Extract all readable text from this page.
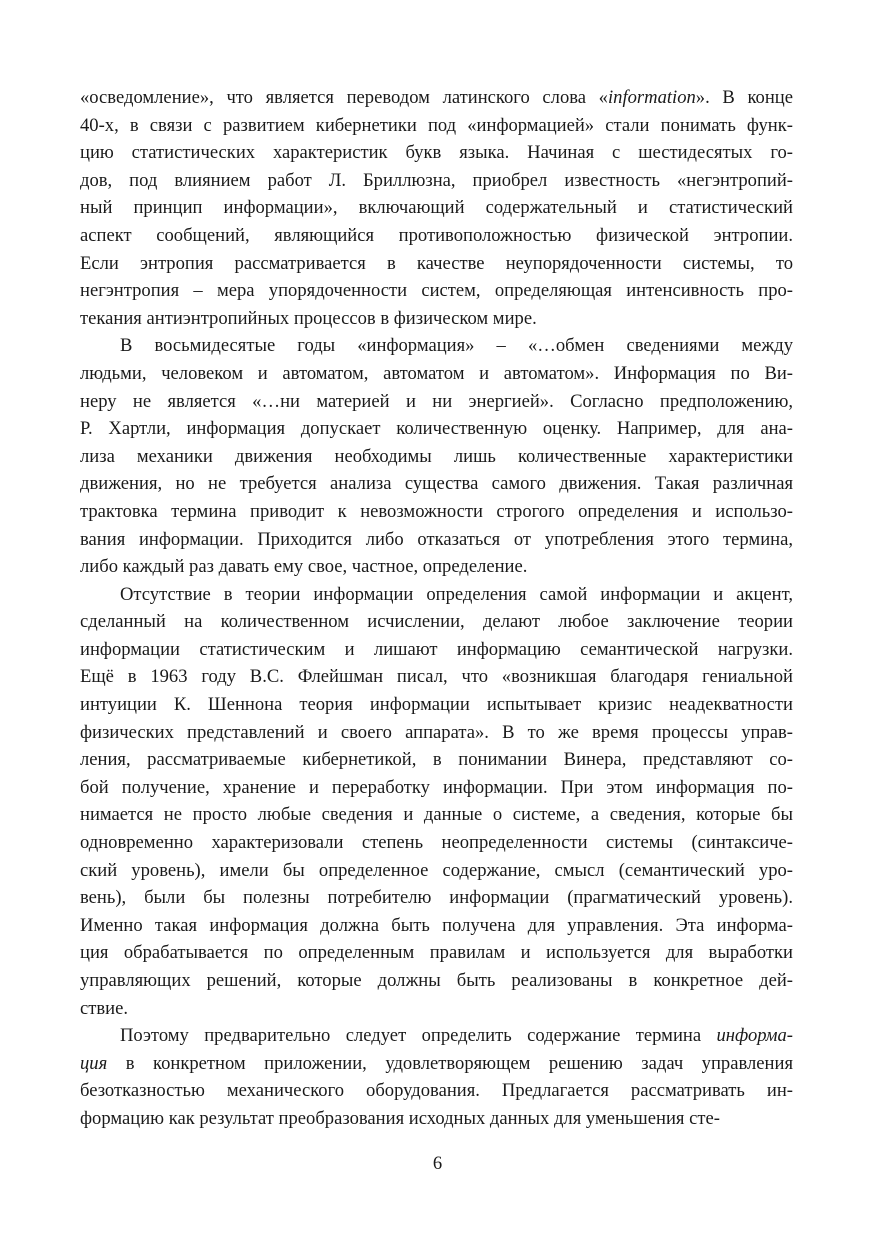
«осведомление», что является переводом латинского слова «information». В конце
40-х, в связи с развитием кибернетики под «информацией» стали понимать функ-
цию статистических характеристик букв языка. Начиная с шестидесятых го-
дов, под влиянием работ Л. Бриллюзна, приобрел известность «негэнтропий-
ный принцип информации», включающий содержательный и статистический
аспект сообщений, являющийся противоположностью физической энтропии.
Если энтропия рассматривается в качестве неупорядоченности системы, то
негэнтропия – мера упорядоченности систем, определяющая интенсивность про-
текания антиэнтропийных процессов в физическом мире.

В восьмидесятые годы «информация» – «…обмен сведениями между
людьми, человеком и автоматом, автоматом и автоматом». Информация по Ви-
неру не является «…ни материей и ни энергией». Согласно предположению,
Р. Хартли, информация допускает количественную оценку. Например, для ана-
лиза механики движения необходимы лишь количественные характеристики
движения, но не требуется анализа существа самого движения. Такая различная
трактовка термина приводит к невозможности строгого определения и использо-
вания информации. Приходится либо отказаться от употребления этого термина,
либо каждый раз давать ему свое, частное, определение.

Отсутствие в теории информации определения самой информации и акцент,
сделанный на количественном исчислении, делают любое заключение теории
информации статистическим и лишают информацию семантической нагрузки.
Ещё в 1963 году В.С. Флейшман писал, что «возникшая благодаря гениальной
интуиции К. Шеннона теория информации испытывает кризис неадекватности
физических представлений и своего аппарата». В то же время процессы управ-
ления, рассматриваемые кибернетикой, в понимании Винера, представляют со-
бой получение, хранение и переработку информации. При этом информация по-
нимается не просто любые сведения и данные о системе, а сведения, которые бы
одновременно характеризовали степень неопределенности системы (синтаксиче-
ский уровень), имели бы определенное содержание, смысл (семантический уро-
вень), были бы полезны потребителю информации (прагматический уровень).
Именно такая информация должна быть получена для управления. Эта информа-
ция обрабатывается по определенным правилам и используется для выработки
управляющих решений, которые должны быть реализованы в конкретное дей-
ствие.

Поэтому предварительно следует определить содержание термина информа-
ция в конкретном приложении, удовлетворяющем решению задач управления
безотказностью механического оборудования. Предлагается рассматривать ин-
формацию как результат преобразования исходных данных для уменьшения сте-

6
